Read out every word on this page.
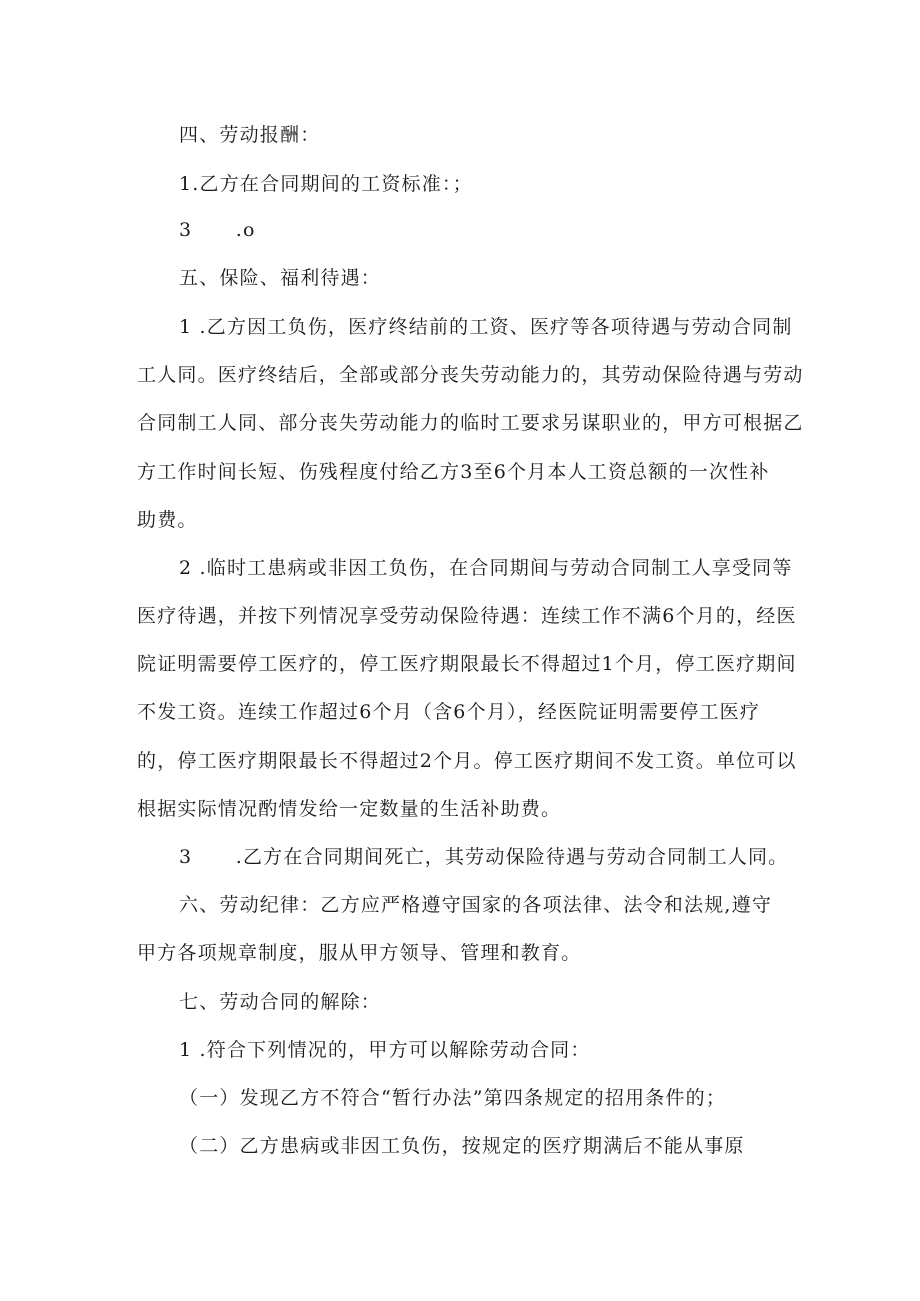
四、劳动报酬：
1.乙方在合同期间的工资标准：；
3      .o
五、保险、福利待遇：
1 .乙方因工负伤，医疗终结前的工资、医疗等各项待遇与劳动合同制
工人同。医疗终结后，全部或部分丧失劳动能力的，其劳动保险待遇与劳动
合同制工人同、部分丧失劳动能力的临时工要求另谋职业的，甲方可根据乙
方工作时间长短、伤残程度付给乙方3至6个月本人工资总额的一次性补
助费。
2 .临时工患病或非因工负伤，在合同期间与劳动合同制工人享受同等
医疗待遇，并按下列情况享受劳动保险待遇：连续工作不满6个月的，经医
院证明需要停工医疗的，停工医疗期限最长不得超过1个月，停工医疗期间
不发工资。连续工作超过6个月（含6个月），经医院证明需要停工医疗
的，停工医疗期限最长不得超过2个月。停工医疗期间不发工资。单位可以
根据实际情况酌情发给一定数量的生活补助费。
3      .乙方在合同期间死亡，其劳动保险待遇与劳动合同制工人同。
六、劳动纪律：乙方应严格遵守国家的各项法律、法令和法规,遵守
甲方各项规章制度，服从甲方领导、管理和教育。
七、劳动合同的解除：
1 .符合下列情况的，甲方可以解除劳动合同：
（一）发现乙方不符合“暂行办法”第四条规定的招用条件的；
（二）乙方患病或非因工负伤，按规定的医疗期满后不能从事原
